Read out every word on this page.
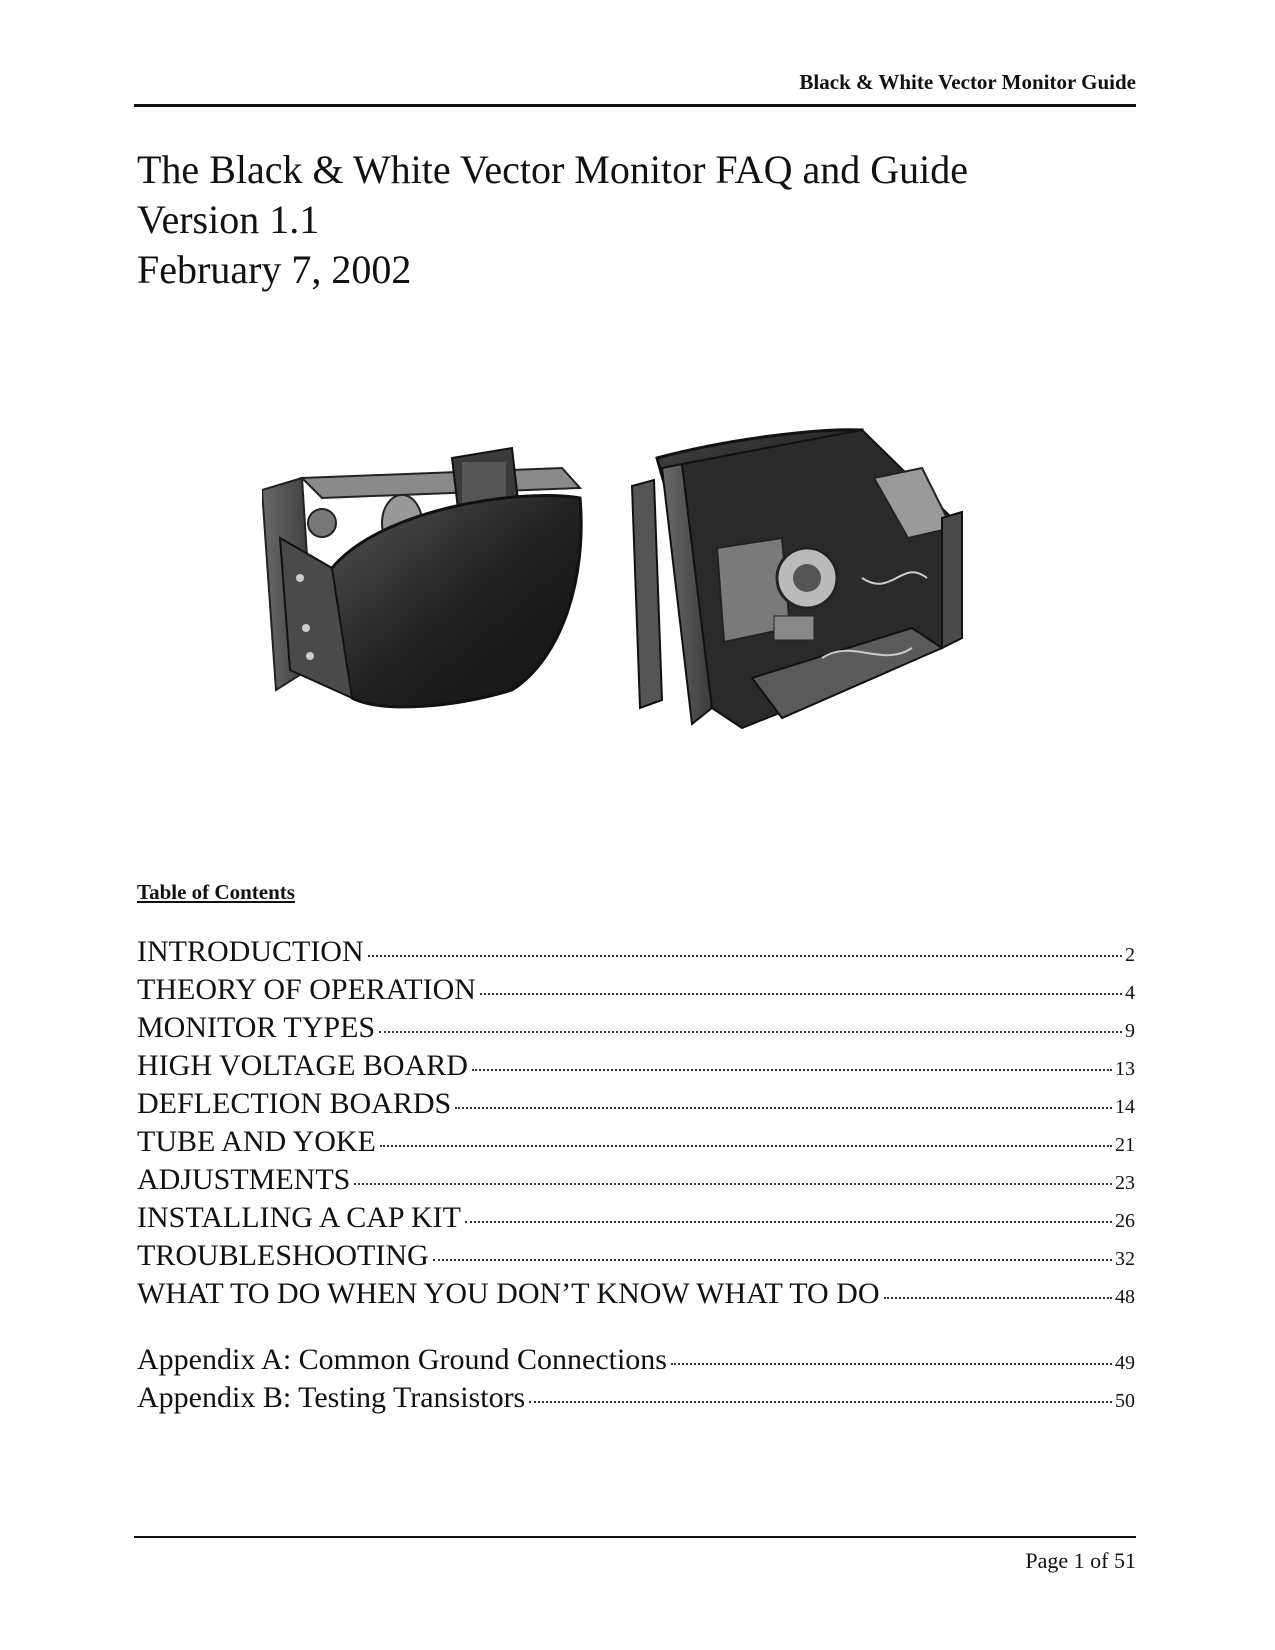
Black & White Vector Monitor Guide
The Black & White Vector Monitor FAQ and Guide
Version 1.1
February 7, 2002
Table of Contents
INTRODUCTION	2
THEORY OF OPERATION	4
MONITOR TYPES	9
HIGH VOLTAGE BOARD	13
DEFLECTION BOARDS	14
TUBE AND YOKE	21
ADJUSTMENTS	23
INSTALLING A CAP KIT	26
TROUBLESHOOTING	32
WHAT TO DO WHEN YOU DON’T KNOW WHAT TO DO	48
Appendix A: Common Ground Connections	49
Appendix B: Testing Transistors	50
Page 1 of 51
